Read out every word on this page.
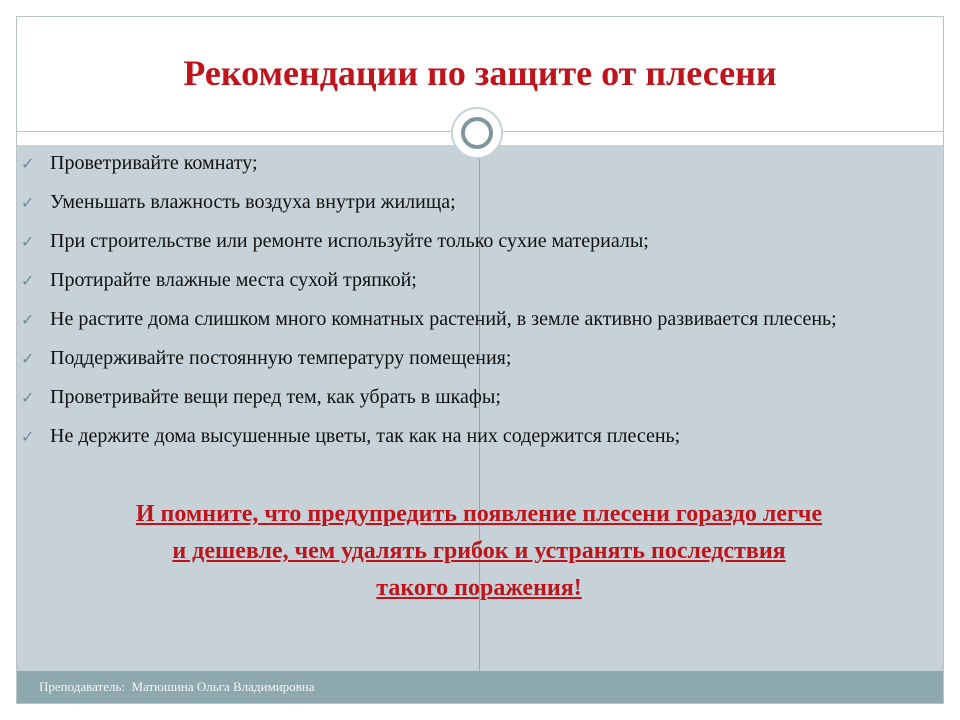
Рекомендации по защите от плесени
✓ Проветривайте комнату;
✓ Уменьшать влажность воздуха внутри жилища;
✓ При строительстве или ремонте используйте только сухие материалы;
✓ Протирайте влажные места сухой тряпкой;
✓ Не растите дома слишком много комнатных растений, в земле активно развивается плесень;
✓ Поддерживайте постоянную температуру помещения;
✓ Проветривайте вещи перед тем, как убрать в шкафы;
✓ Не держите дома высушенные цветы, так как на них содержится плесень;
И помните, что предупредить появление плесени гораздо легче
и дешевле, чем удалять грибок и устранять последствия
такого поражения!
Преподаватель:  Матюшина Ольга Владимировна
